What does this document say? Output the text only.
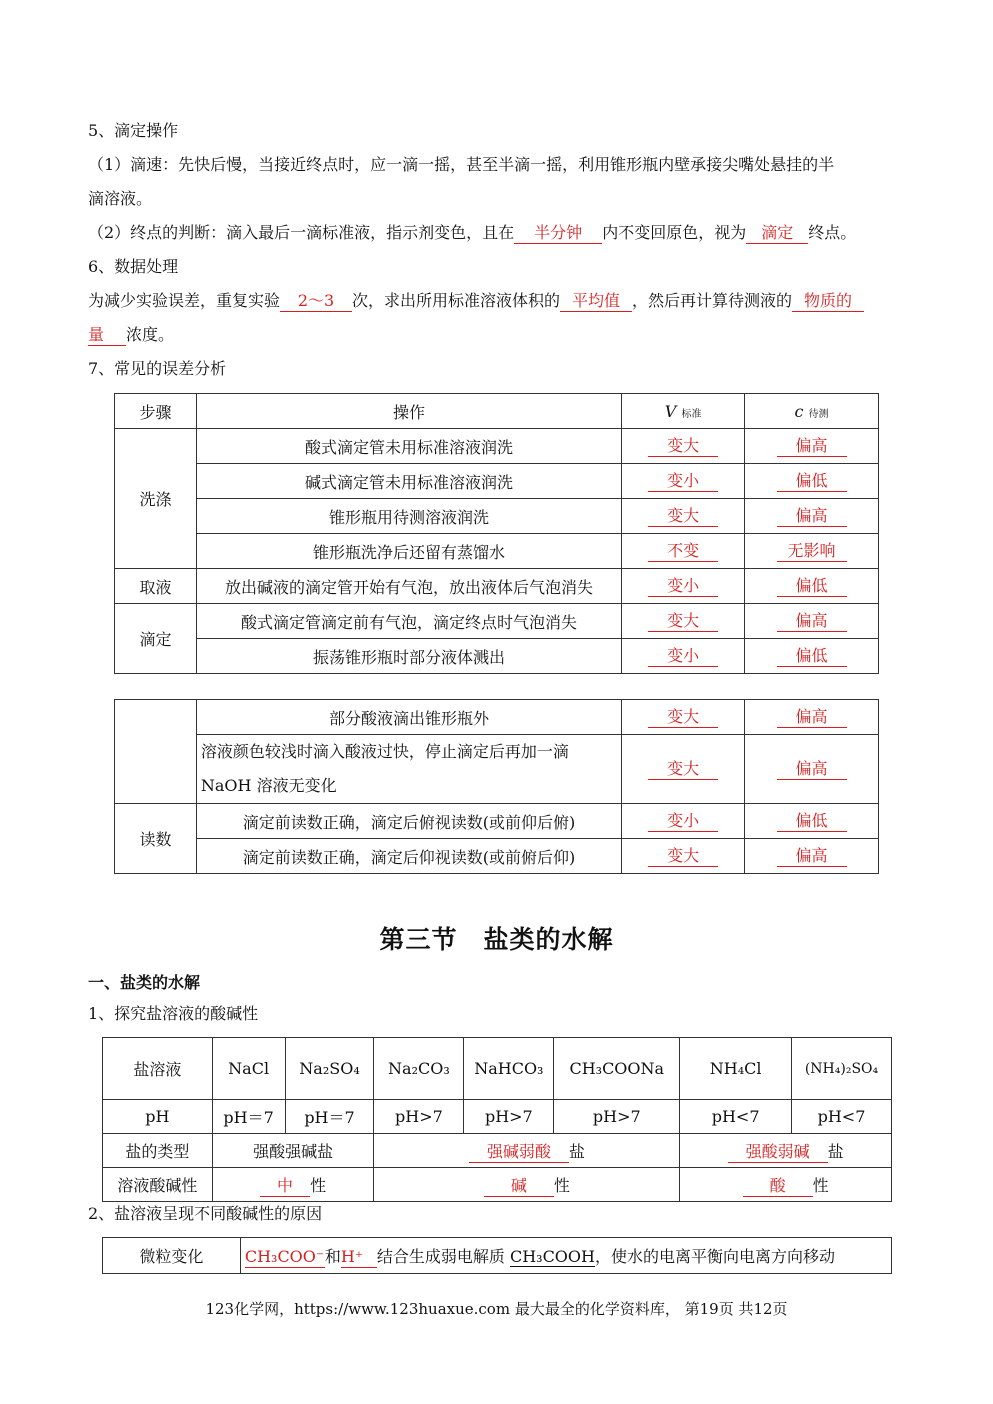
5、滴定操作
（1）滴速：先快后慢，当接近终点时，应一滴一摇，甚至半滴一摇，利用锥形瓶内壁承接尖嘴处悬挂的半
滴溶液。
（2）终点的判断：滴入最后一滴标准液，指示剂变色，且在 半分钟 内不变回原色，视为 滴定 终点。
6、数据处理
为减少实验误差，重复实验 2～3 次，求出所用标准溶液体积的 平均值 ，然后再计算待测液的 物质的
量 浓度。
7、常见的误差分析
步骤	操作	V 标准	c 待测
洗涤	酸式滴定管未用标准溶液润洗	变大	偏高
	碱式滴定管未用标准溶液润洗	变小	偏低
	锥形瓶用待测溶液润洗	变大	偏高
	锥形瓶洗净后还留有蒸馏水	不变	无影响
取液	放出碱液的滴定管开始有气泡，放出液体后气泡消失	变小	偏低
滴定	酸式滴定管滴定前有气泡，滴定终点时气泡消失	变大	偏高
	振荡锥形瓶时部分液体溅出	变小	偏低
	部分酸液滴出锥形瓶外	变大	偏高
	溶液颜色较浅时滴入酸液过快，停止滴定后再加一滴
NaOH 溶液无变化	变大	偏高
读数	滴定前读数正确，滴定后俯视读数(或前仰后俯)	变小	偏低
	滴定前读数正确，滴定后仰视读数(或前俯后仰)	变大	偏高
第三节　盐类的水解
一、盐类的水解
1、探究盐溶液的酸碱性
盐溶液	NaCl	Na₂SO₄	Na₂CO₃	NaHCO₃	CH₃COONa	NH₄Cl	(NH₄)₂SO₄
pH	pH＝7	pH＝7	pH>7	pH>7	pH>7	pH<7	pH<7
盐的类型	强酸强碱盐		强碱弱酸 盐			强酸弱碱 盐	
溶液酸碱性	中 性		碱 性			酸 性	
2、盐溶液呈现不同酸碱性的原因
微粒变化	CH₃COO⁻和H⁺ 结合生成弱电解质 CH₃COOH，使水的电离平衡向电离方向移动
123化学网，https://www.123huaxue.com 最大最全的化学资料库， 第19页 共12页
